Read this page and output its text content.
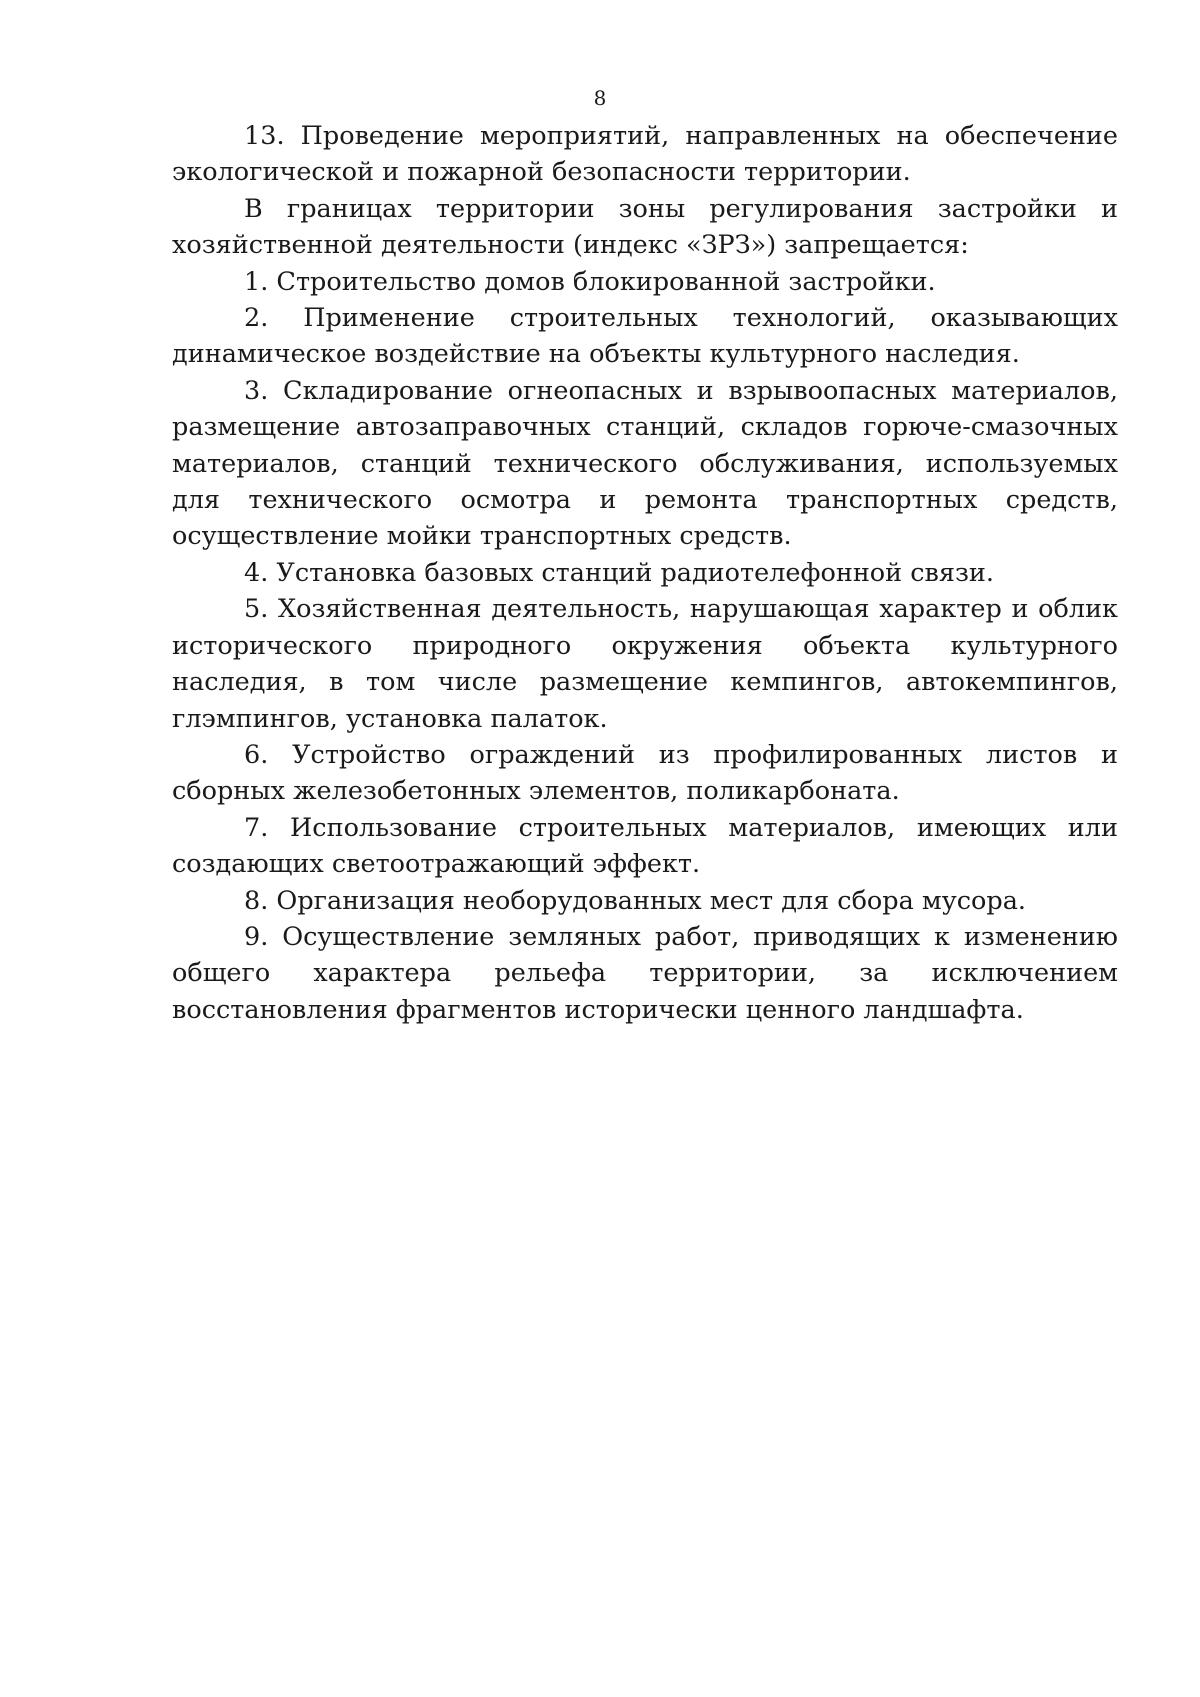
8

13. Проведение мероприятий, направленных на обеспечение экологической и пожарной безопасности территории.

В границах территории зоны регулирования застройки и хозяйственной деятельности (индекс «ЗРЗ») запрещается:

1. Строительство домов блокированной застройки.

2. Применение строительных технологий, оказывающих динамическое воздействие на объекты культурного наследия.

3. Складирование огнеопасных и взрывоопасных материалов, размещение автозаправочных станций, складов горюче-смазочных материалов, станций технического обслуживания, используемых для технического осмотра и ремонта транспортных средств, осуществление мойки транспортных средств.

4. Установка базовых станций радиотелефонной связи.

5. Хозяйственная деятельность, нарушающая характер и облик исторического природного окружения объекта культурного наследия, в том числе размещение кемпингов, автокемпингов, глэмпингов, установка палаток.

6. Устройство ограждений из профилированных листов и сборных железобетонных элементов, поликарбоната.

7. Использование строительных материалов, имеющих или создающих светоотражающий эффект.

8. Организация необорудованных мест для сбора мусора.

9. Осуществление земляных работ, приводящих к изменению общего характера рельефа территории, за исключением восстановления фрагментов исторически ценного ландшафта.
